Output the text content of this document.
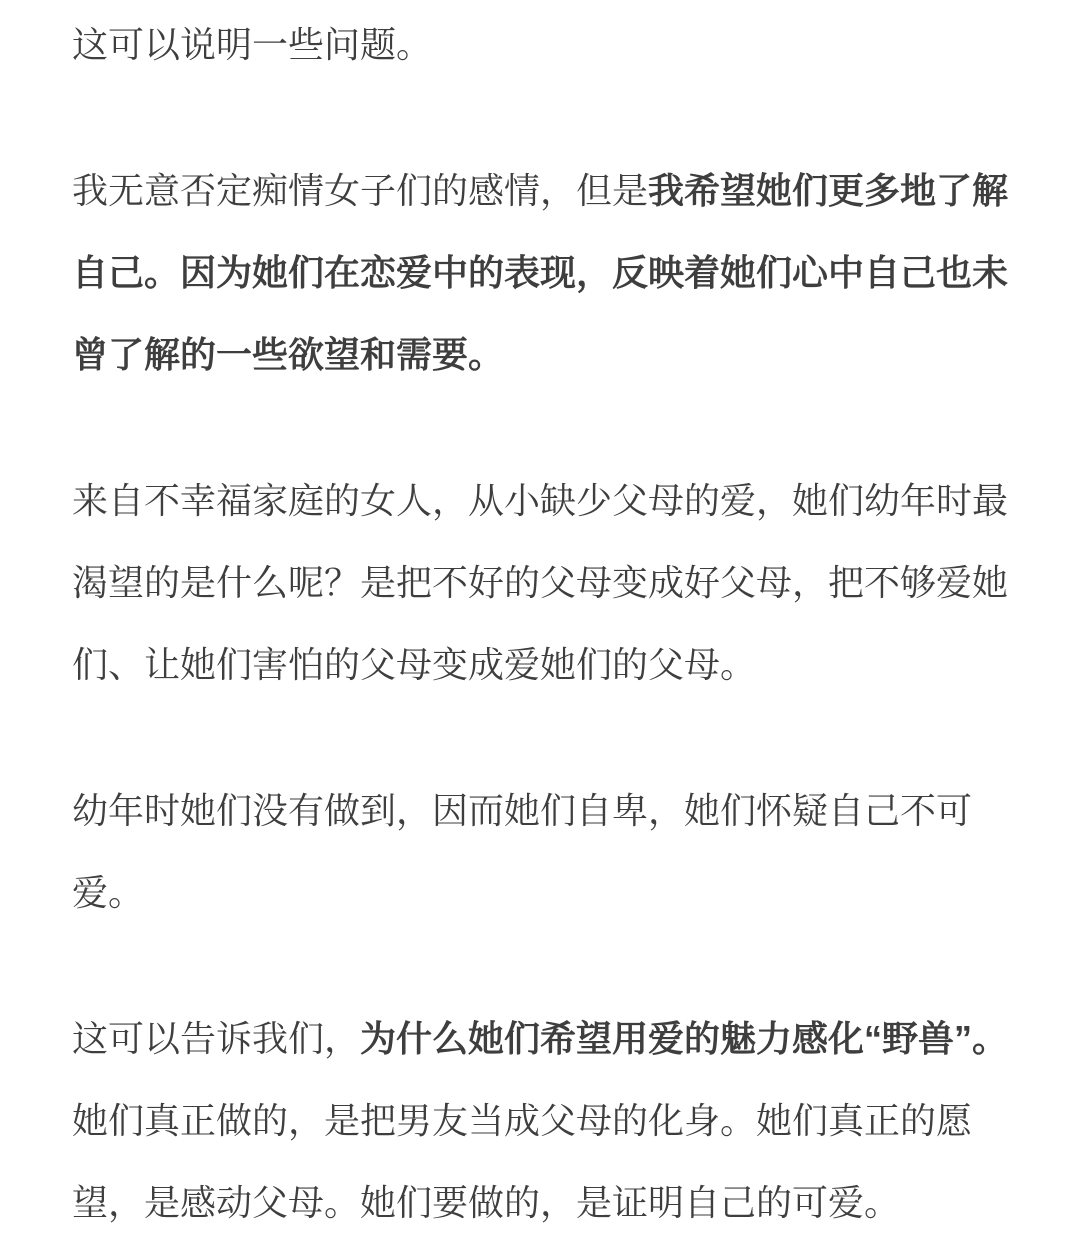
这可以说明一些问题。

我无意否定痴情女子们的感情，但是我希望她们更多地了解自己。因为她们在恋爱中的表现，反映着她们心中自己也未曾了解的一些欲望和需要。

来自不幸福家庭的女人，从小缺少父母的爱，她们幼年时最渴望的是什么呢？是把不好的父母变成好父母，把不够爱她们、让她们害怕的父母变成爱她们的父母。

幼年时她们没有做到，因而她们自卑，她们怀疑自己不可爱。

这可以告诉我们，为什么她们希望用爱的魅力感化“野兽”。她们真正做的，是把男友当成父母的化身。她们真正的愿望，是感动父母。她们要做的，是证明自己的可爱。
